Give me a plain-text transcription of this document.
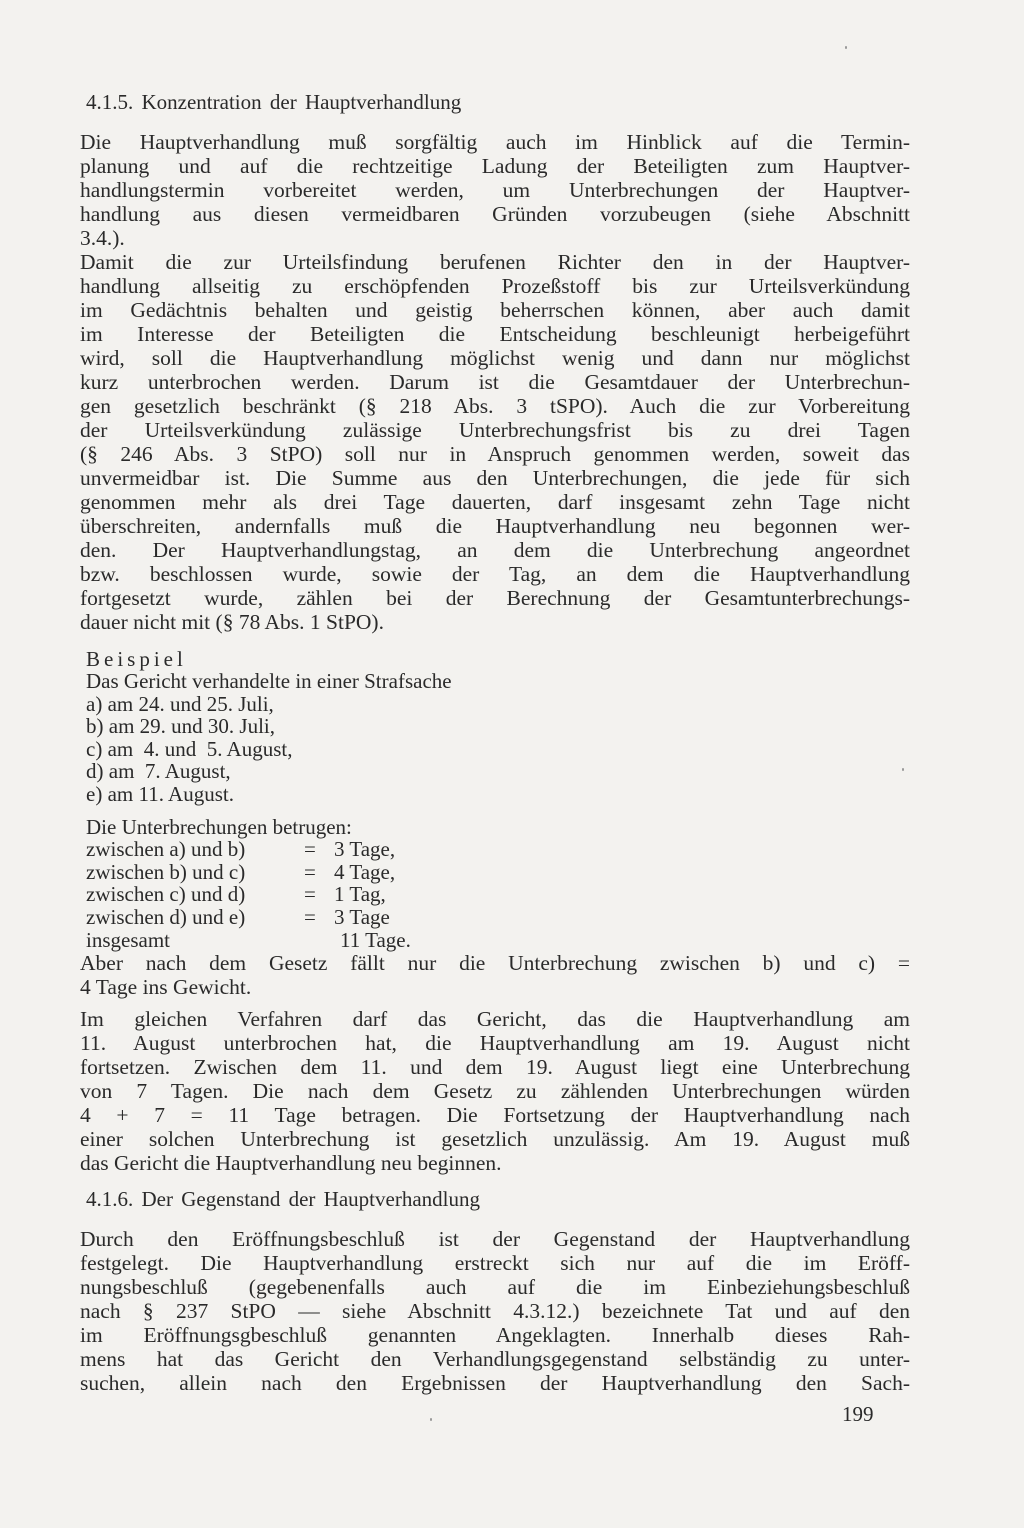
4.1.5. Konzentration der Hauptverhandlung

Die Hauptverhandlung muß sorgfältig auch im Hinblick auf die Termin-
planung und auf die rechtzeitige Ladung der Beteiligten zum Hauptver-
handlungstermin vorbereitet werden, um Unterbrechungen der Hauptver-
handlung aus diesen vermeidbaren Gründen vorzubeugen (siehe Abschnitt
3.4.).

Damit die zur Urteilsfindung berufenen Richter den in der Hauptver-
handlung allseitig zu erschöpfenden Prozeßstoff bis zur Urteilsverkündung
im Gedächtnis behalten und geistig beherrschen können, aber auch damit
im Interesse der Beteiligten die Entscheidung beschleunigt herbeigeführt
wird, soll die Hauptverhandlung möglichst wenig und dann nur möglichst
kurz unterbrochen werden. Darum ist die Gesamtdauer der Unterbrechun-
gen gesetzlich beschränkt (§ 218 Abs. 3 tSPO). Auch die zur Vorbereitung
der Urteilsverkündung zulässige Unterbrechungsfrist bis zu drei Tagen
(§ 246 Abs. 3 StPO) soll nur in Anspruch genommen werden, soweit das
unvermeidbar ist. Die Summe aus den Unterbrechungen, die jede für sich
genommen mehr als drei Tage dauerten, darf insgesamt zehn Tage nicht
überschreiten, andernfalls muß die Hauptverhandlung neu begonnen wer-
den. Der Hauptverhandlungstag, an dem die Unterbrechung angeordnet
bzw. beschlossen wurde, sowie der Tag, an dem die Hauptverhandlung
fortgesetzt wurde, zählen bei der Berechnung der Gesamtunterbrechungs-
dauer nicht mit (§ 78 Abs. 1 StPO).

Beispiel
Das Gericht verhandelte in einer Strafsache
a) am 24. und 25. Juli,
b) am 29. und 30. Juli,
c) am  4. und  5. August,
d) am  7. August,
e) am 11. August.
Die Unterbrechungen betrugen:
zwischen a) und b)	= 3 Tage,
zwischen b) und c)	= 4 Tage,
zwischen c) und d)	= 1 Tag,
zwischen d) und e)	= 3 Tage
insgesamt	11 Tage.

Aber nach dem Gesetz fällt nur die Unterbrechung zwischen b) und c) =
4 Tage ins Gewicht.

Im gleichen Verfahren darf das Gericht, das die Hauptverhandlung am
11. August unterbrochen hat, die Hauptverhandlung am 19. August nicht
fortsetzen. Zwischen dem 11. und dem 19. August liegt eine Unterbrechung
von 7 Tagen. Die nach dem Gesetz zu zählenden Unterbrechungen würden
4 + 7 = 11 Tage betragen. Die Fortsetzung der Hauptverhandlung nach
einer solchen Unterbrechung ist gesetzlich unzulässig. Am 19. August muß
das Gericht die Hauptverhandlung neu beginnen.

4.1.6. Der Gegenstand der Hauptverhandlung

Durch den Eröffnungsbeschluß ist der Gegenstand der Hauptverhandlung
festgelegt. Die Hauptverhandlung erstreckt sich nur auf die im Eröff-
nungsbeschluß (gegebenenfalls auch auf die im Einbeziehungsbeschluß
nach § 237 StPO — siehe Abschnitt 4.3.12.) bezeichnete Tat und auf den
im Eröffnungsgbeschluß genannten Angeklagten. Innerhalb dieses Rah-
mens hat das Gericht den Verhandlungsgegenstand selbständig zu unter-
suchen, allein nach den Ergebnissen der Hauptverhandlung den Sach-

199
